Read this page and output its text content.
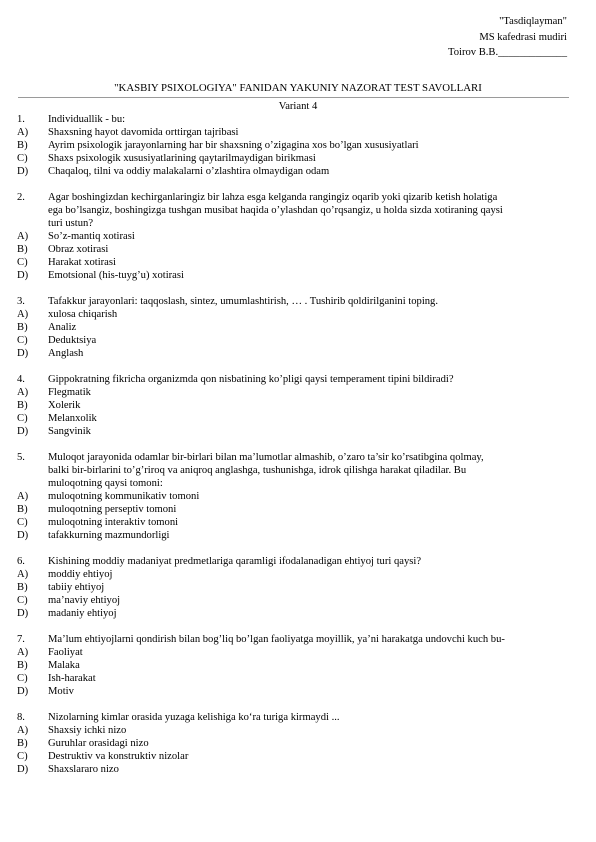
"Tasdiqlayman"
MS kafedrasi mudiri
Toirov B.B._____________
"KASBIY PSIXOLOGIYA" FANIDAN YAKUNIY NAZORAT TEST SAVOLLARI
Variant 4
1.	Individuallik - bu:
A)	Shaxsning hayot davomida orttirgan tajribasi
B)	Ayrim psixologik jarayonlarning har bir shaxsning o’zigagina xos bo’lgan xususiyatlari
C)	Shaxs psixologik xususiyatlarining qaytarilmaydigan birikmasi
D)	Chaqaloq, tilni va oddiy malakalarni o’zlashtira olmaydigan odam
2.	Agar boshingizdan kechirganlaringiz bir lahza esga kelganda rangingiz oqarib yoki qizarib ketish holatiga
ega bo’lsangiz, boshingizga tushgan musibat haqida o’ylashdan qo’rqsangiz, u holda sizda xotiraning qaysi
turi ustun?
A)	So’z-mantiq xotirasi
B)	Obraz xotirasi
C)	Harakat xotirasi
D)	Emotsional (his-tuyg’u) xotirasi
3.	Tafakkur jarayonlari: taqqoslash, sintez, umumlashtirish, … . Tushirib qoldirilganini toping.
A)	xulosa chiqarish
B)	Analiz
C)	Deduktsiya
D)	Anglash
4.	Gippokratning fikricha organizmda qon nisbatining ko’pligi qaysi temperament tipini bildiradi?
A)	Flegmatik
B)	Xolerik
C)	Melanxolik
D)	Sangvinik
5.	Muloqot jarayonida odamlar bir-birlari bilan ma’lumotlar almashib, o’zaro ta’sir ko’rsatibgina qolmay,
balki bir-birlarini to’g’riroq va aniqroq anglashga, tushunishga, idrok qilishga harakat qiladilar. Bu
muloqotning qaysi tomoni:
A)	muloqotning kommunikativ tomoni
B)	muloqotning perseptiv tomoni
C)	muloqotning interaktiv tomoni
D)	tafakkurning mazmundorligi
6.	Kishining moddiy madaniyat predmetlariga qaramligi ifodalanadigan ehtiyoj turi qaysi?
A)	moddiy ehtiyoj
B)	tabiiy ehtiyoj
C)	ma’naviy ehtiyoj
D)	madaniy ehtiyoj
7.	Ma’lum ehtiyojlarni qondirish bilan bog’liq bo’lgan faoliyatga moyillik, ya’ni harakatga undovchi kuch bu-
A)	Faoliyat
B)	Malaka
C)	Ish-harakat
D)	Motiv
8.	Nizolarning kimlar orasida yuzaga kelishiga ko‘ra turiga kirmaydi ...
A)	Shaxsiy ichki nizo
B)	Guruhlar orasidagi nizo
C)	Destruktiv va konstruktiv nizolar
D)	Shaxslararo nizo
